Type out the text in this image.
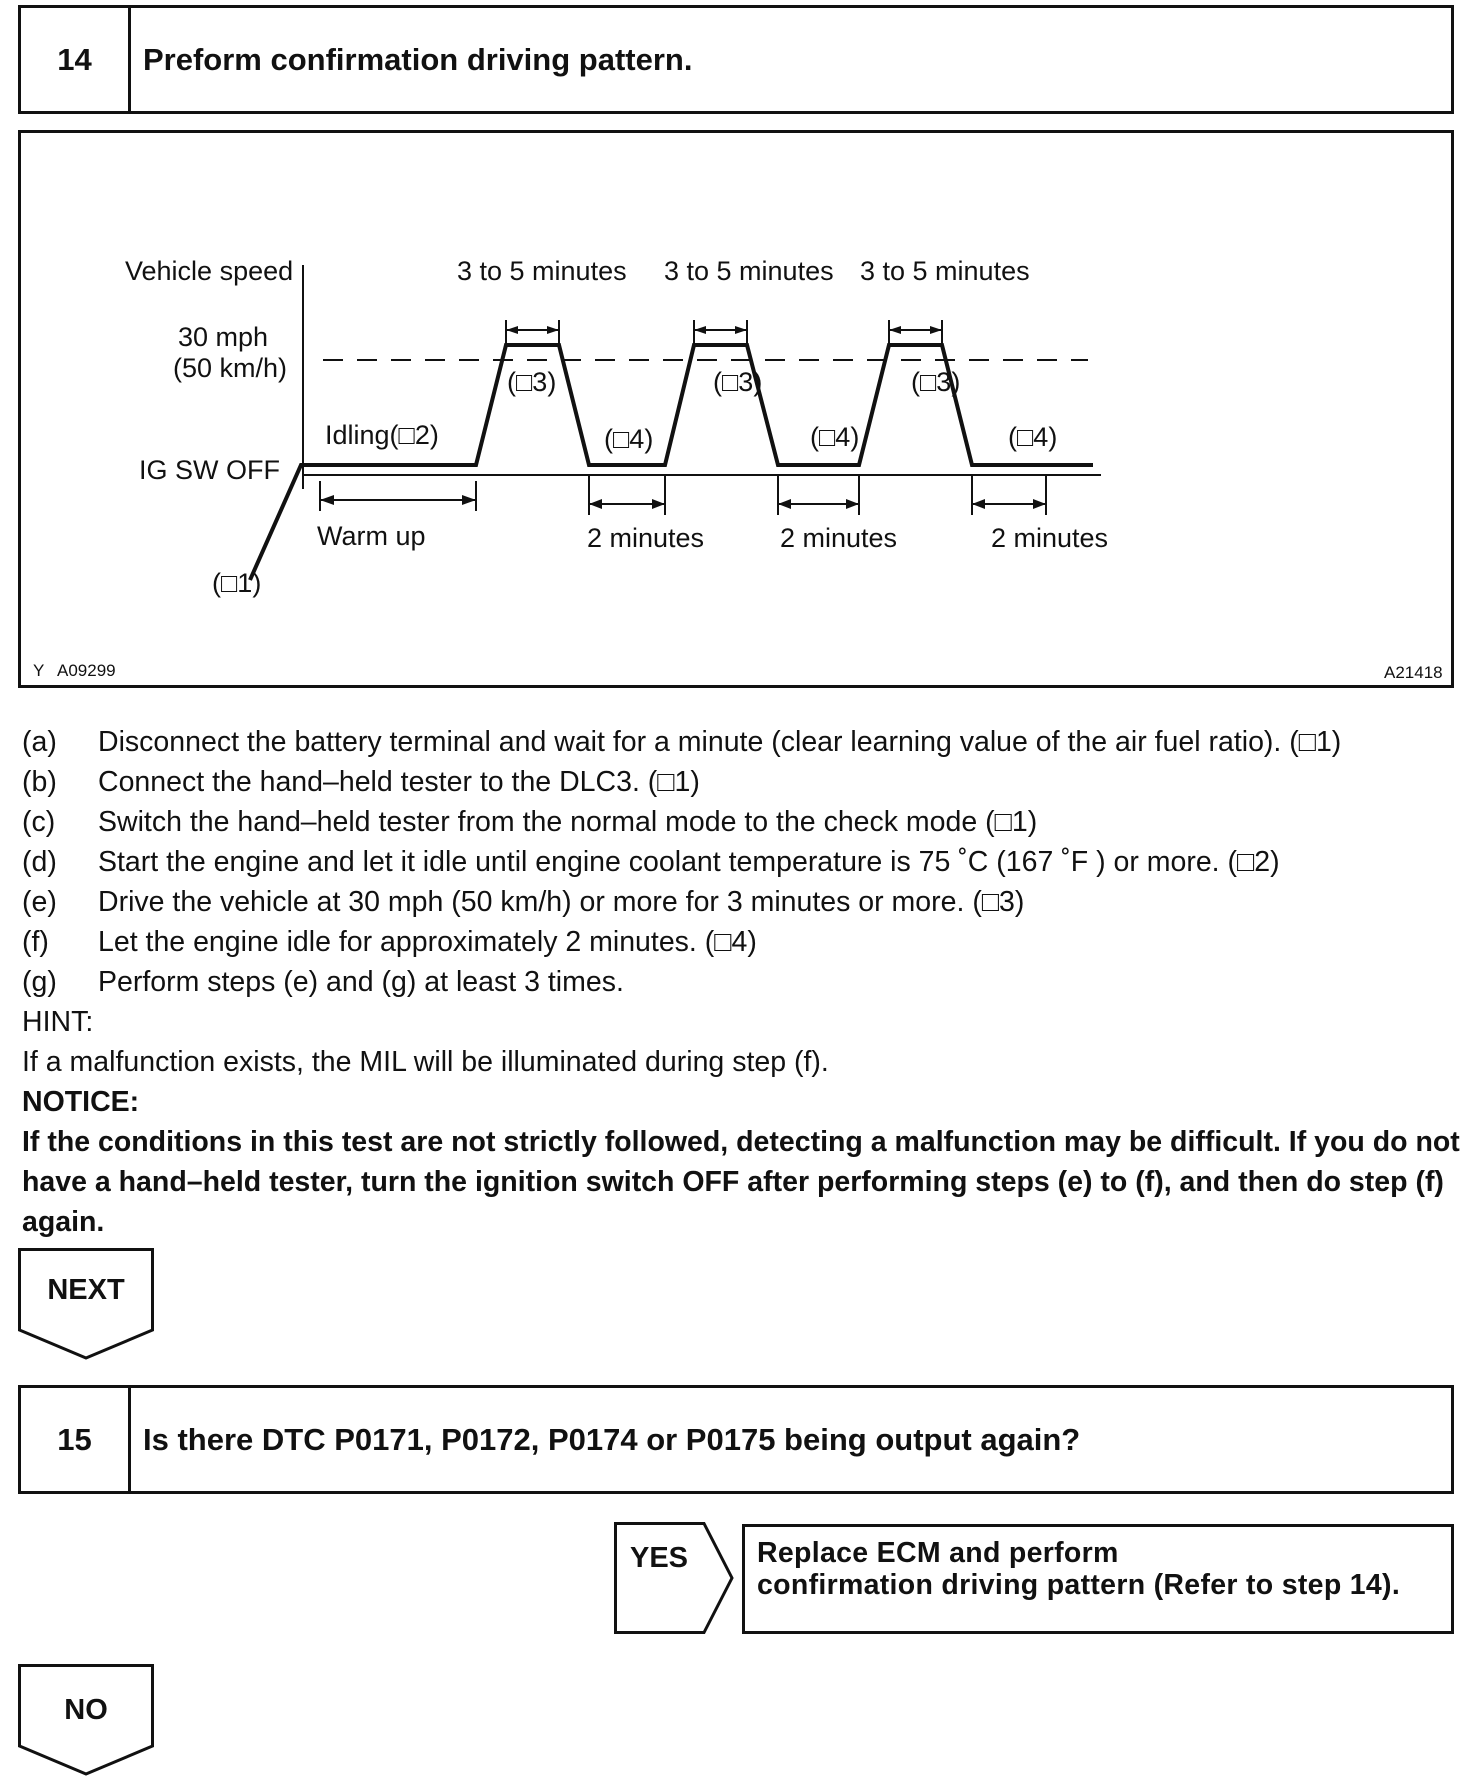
14	Preform confirmation driving pattern.
Vehicle speed
30 mph
(50 km/h)
IG SW OFF
Idling(□2)
Warm up
(□1)
3 to 5 minutes 3 to 5 minutes 3 to 5 minutes
(□3)	(□3)	(□3)
(□4)	(□4)	(□4)
2 minutes	2 minutes	2 minutes
Y A09299	A21418
(a)	Disconnect the battery terminal and wait for a minute (clear learning value of the air fuel ratio). (□1)
(b)	Connect the hand–held tester to the DLC3. (□1)
(c)	Switch the hand–held tester from the normal mode to the check mode (□1)
(d)	Start the engine and let it idle until engine coolant temperature is 75 ˚C (167 ˚F ) or more. (□2)
(e)	Drive the vehicle at 30 mph (50 km/h) or more for 3 minutes or more. (□3)
(f)	Let the engine idle for approximately 2 minutes. (□4)
(g)	Perform steps (e) and (g) at least 3 times.
HINT:
If a malfunction exists, the MIL will be illuminated during step (f).
NOTICE:
If the conditions in this test are not strictly followed, detecting a malfunction may be difficult. If you do not have a hand–held tester, turn the ignition switch OFF after performing steps (e) to (f), and then do step (f) again.
NEXT
15	Is there DTC P0171, P0172, P0174 or P0175 being output again?
YES	Replace ECM and perform
confirmation driving pattern (Refer to step 14).
NO
